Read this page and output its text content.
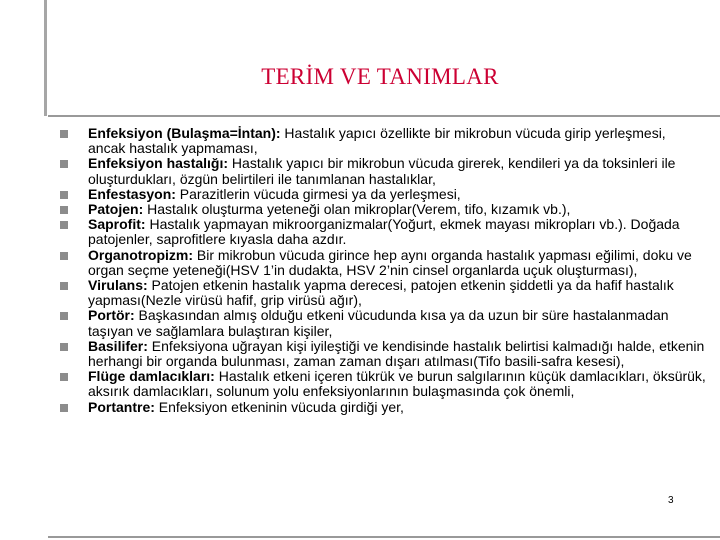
TERİM VE TANIMLAR
Enfeksiyon (Bulaşma=İntan): Hastalık yapıcı özellikte bir mikrobun vücuda girip yerleşmesi, ancak hastalık yapmaması,
Enfeksiyon hastalığı: Hastalık yapıcı bir mikrobun vücuda girerek, kendileri ya da toksinleri ile oluşturdukları, özgün belirtileri ile tanımlanan hastalıklar,
Enfestasyon: Parazitlerin vücuda girmesi ya da yerleşmesi,
Patojen: Hastalık oluşturma yeteneği olan mikroplar(Verem, tifo, kızamık vb.),
Saprofit: Hastalık yapmayan mikroorganizmalar(Yoğurt, ekmek mayası mikropları vb.). Doğada patojenler, saprofitlere kıyasla daha azdır.
Organotropizm: Bir mikrobun vücuda girince hep aynı organda hastalık yapması eğilimi, doku ve organ seçme yeteneği(HSV 1’in dudakta, HSV 2’nin cinsel organlarda uçuk oluşturması),
Virulans: Patojen etkenin hastalık yapma derecesi, patojen etkenin şiddetli ya da hafif hastalık yapması(Nezle virüsü hafif, grip virüsü ağır),
Portör: Başkasından almış olduğu etkeni vücudunda kısa ya da uzun bir süre hastalanmadan taşıyan ve sağlamlara bulaştıran kişiler,
Basilifer: Enfeksiyona uğrayan kişi iyileştiği ve kendisinde hastalık belirtisi kalmadığı halde, etkenin herhangi bir organda bulunması, zaman zaman dışarı atılması(Tifo basili-safra kesesi),
Flüge damlacıkları: Hastalık etkeni içeren tükrük ve burun salgılarının küçük damlacıkları, öksürük, aksırık damlacıkları, solunum yolu enfeksiyonlarının bulaşmasında çok önemli,
Portantre: Enfeksiyon etkeninin vücuda girdiği yer,
3
